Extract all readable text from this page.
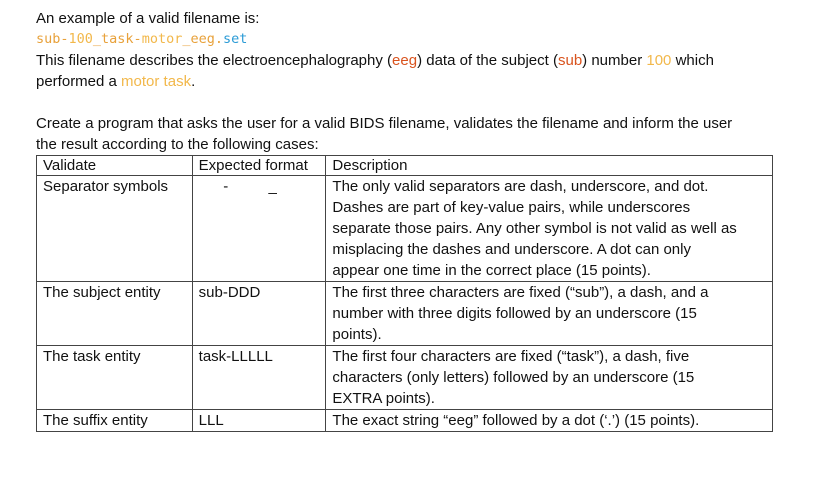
An example of a valid filename is:
sub-100_task-motor_eeg.set
This filename describes the electroencephalography (eeg) data of the subject (sub) number 100 which
performed a motor task.
Create a program that asks the user for a valid BIDS filename, validates the filename and inform the user
the result according to the following cases:
Validate	Expected format	Description
Separator symbols	- _	The only valid separators are dash, underscore, and dot.
Dashes are part of key-value pairs, while underscores
separate those pairs. Any other symbol is not valid as well as
misplacing the dashes and underscore. A dot can only
appear one time in the correct place (15 points).

The subject entity	sub-DDD	The first three characters are fixed (“sub”), a dash, and a
number with three digits followed by an underscore (15
points).

The task entity	task-LLLLL	The first four characters are fixed (“task”), a dash, five
characters (only letters) followed by an underscore (15
EXTRA points).

The suffix entity	LLL	The exact string “eeg” followed by a dot (‘.’) (15 points).
